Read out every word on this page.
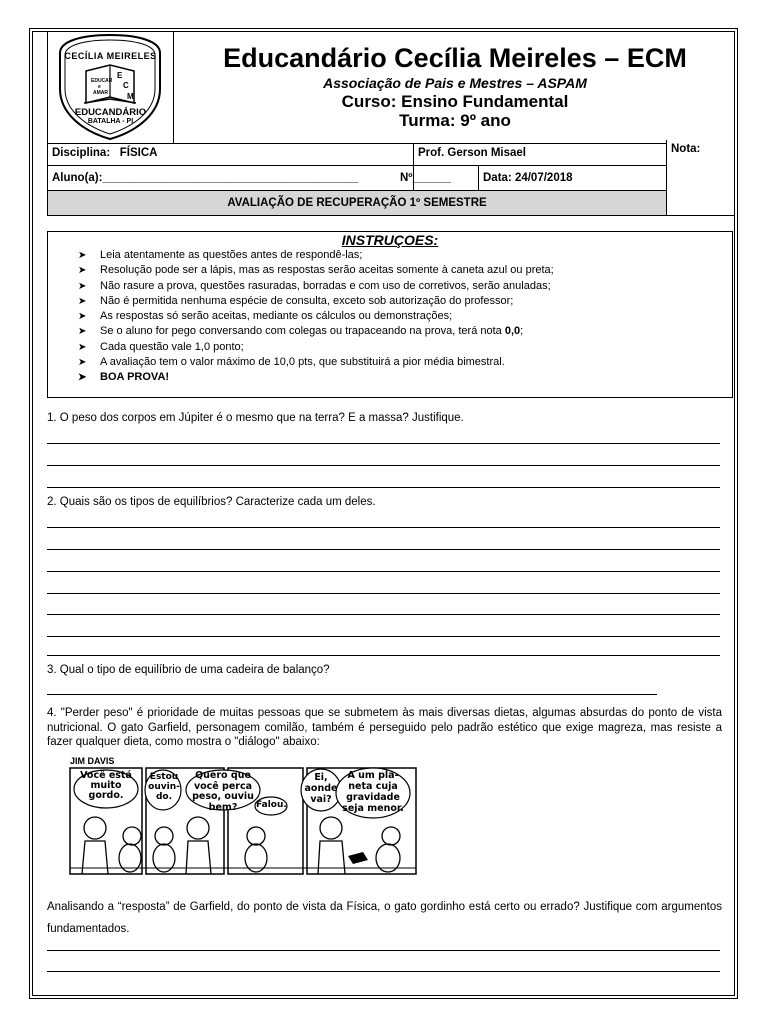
CECÍLIA MEIRELES
E
EDUCAR C
e
AMAR M
EDUCANDÁRIO
BATALHA - PI
Educandário Cecília Meireles – ECM
Associação de Pais e Mestres – ASPAM
Curso: Ensino Fundamental
Turma: 9º ano
Disciplina:   FÍSICA	Prof. Gerson Misael	Nota:
Aluno(a):________________________________________	Nº______	Data: 24/07/2018
AVALIAÇÃO DE RECUPERAÇÃO 1º SEMESTRE
INSTRUÇOES:
➤ Leia atentamente as questões antes de respondê-las;
➤ Resolução pode ser a lápis, mas as respostas serão aceitas somente à caneta azul ou preta;
➤ Não rasure a prova, questões rasuradas, borradas e com uso de corretivos, serão anuladas;
➤ Não é permitida nenhuma espécie de consulta, exceto sob autorização do professor;
➤ As respostas só serão aceitas, mediante os cálculos ou demonstrações;
➤ Se o aluno for pego conversando com colegas ou trapaceando na prova, terá nota 0,0;
➤ Cada questão vale 1,0 ponto;
➤ A avaliação tem o valor máximo de 10,0 pts, que substituirá a pior média bimestral.
➤ BOA PROVA!
1. O peso dos corpos em Júpiter é o mesmo que na terra? E a massa? Justifique.
2. Quais são os tipos de equilíbrios? Caracterize cada um deles.
3. Qual o tipo de equilíbrio de uma cadeira de balanço?
4. "Perder peso" é prioridade de muitas pessoas que se submetem às mais diversas dietas, algumas absurdas do ponto de vista nutricional. O gato Garfield, personagem comilão, também é perseguido pelo padrão estético que exige magreza, mas resiste a fazer qualquer dieta, como mostra o "diálogo" abaixo:
JIM DAVIS
Você está muito gordo.
Estou ouvin-do.
Quero que você perca peso, ouviu bem?	Falou.
Ei, aonde vai?
A um pla-neta cuja gravidade seja menor.
Analisando a “resposta” de Garfield, do ponto de vista da Física, o gato gordinho está certo ou errado? Justifique com argumentos fundamentados.
